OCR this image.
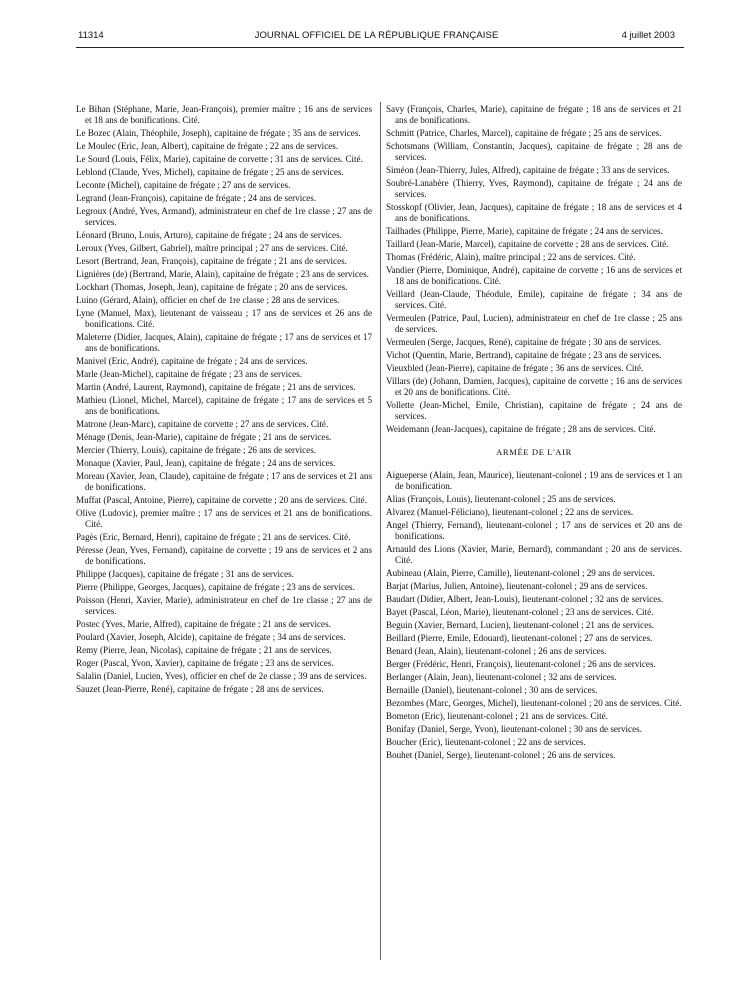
11314	JOURNAL OFFICIEL DE LA RÉPUBLIQUE FRANÇAISE	4 juillet 2003
Le Bihan (Stéphane, Marie, Jean-François), premier maître ; 16 ans de services et 18 ans de bonifications. Cité.
Le Bozec (Alain, Théophile, Joseph), capitaine de frégate ; 35 ans de services.
Le Moulec (Eric, Jean, Albert), capitaine de frégate ; 22 ans de services.
Le Sourd (Louis, Félix, Marie), capitaine de corvette ; 31 ans de services. Cité.
Leblond (Claude, Yves, Michel), capitaine de frégate ; 25 ans de services.
Leconte (Michel), capitaine de frégate ; 27 ans de services.
Legrand (Jean-François), capitaine de frégate ; 24 ans de services.
Legroux (André, Yves, Armand), administrateur en chef de 1re classe ; 27 ans de services.
Léonard (Bruno, Louis, Arturo), capitaine de frégate ; 24 ans de services.
Leroux (Yves, Gilbert, Gabriel), maître principal ; 27 ans de services. Cité.
Lesort (Bertrand, Jean, François), capitaine de frégate ; 21 ans de services.
Lignières (de) (Bertrand, Marie, Alain), capitaine de frégate ; 23 ans de services.
Lockhart (Thomas, Joseph, Jean), capitaine de frégate ; 20 ans de services.
Luino (Gérard, Alain), officier en chef de 1re classe ; 28 ans de services.
Lyne (Manuel, Max), lieutenant de vaisseau ; 17 ans de services et 26 ans de bonifications. Cité.
Maleterre (Didier, Jacques, Alain), capitaine de frégate ; 17 ans de services et 17 ans de bonifications.
Manivel (Eric, André), capitaine de frégate ; 24 ans de services.
Marle (Jean-Michel), capitaine de frégate ; 23 ans de services.
Martin (André, Laurent, Raymond), capitaine de frégate ; 21 ans de services.
Mathieu (Lionel, Michel, Marcel), capitaine de frégate ; 17 ans de services et 5 ans de bonifications.
Matrone (Jean-Marc), capitaine de corvette ; 27 ans de services. Cité.
Ménage (Denis, Jean-Marie), capitaine de frégate ; 21 ans de services.
Mercier (Thierry, Louis), capitaine de frégate ; 26 ans de services.
Monaque (Xavier, Paul, Jean), capitaine de frégate ; 24 ans de services.
Moreau (Xavier, Jean, Claude), capitaine de frégate ; 17 ans de services et 21 ans de bonifications.
Muffat (Pascal, Antoine, Pierre), capitaine de corvette ; 20 ans de services. Cité.
Olive (Ludovic), premier maître ; 17 ans de services et 21 ans de bonifications. Cité.
Pagès (Eric, Bernard, Henri), capitaine de frégate ; 21 ans de services. Cité.
Péresse (Jean, Yves, Fernand), capitaine de corvette ; 19 ans de services et 2 ans de bonifications.
Philippe (Jacques), capitaine de frégate ; 31 ans de services.
Pierre (Philippe, Georges, Jacques), capitaine de frégate ; 23 ans de services.
Poisson (Henri, Xavier, Marie), administrateur en chef de 1re classe ; 27 ans de services.
Postec (Yves, Marie, Alfred), capitaine de frégate ; 21 ans de services.
Poulard (Xavier, Joseph, Alcide), capitaine de frégate ; 34 ans de services.
Remy (Pierre, Jean, Nicolas), capitaine de frégate ; 21 ans de services.
Roger (Pascal, Yvon, Xavier), capitaine de frégate ; 23 ans de services.
Salalin (Daniel, Lucien, Yves), officier en chef de 2e classe ; 39 ans de services.
Sauzet (Jean-Pierre, René), capitaine de frégate ; 28 ans de services.
Savy (François, Charles, Marie), capitaine de frégate ; 18 ans de services et 21 ans de bonifications.
Schmitt (Patrice, Charles, Marcel), capitaine de frégate ; 25 ans de services.
Schotsmans (William, Constantin, Jacques), capitaine de frégate ; 28 ans de services.
Siméon (Jean-Thierry, Jules, Alfred), capitaine de frégate ; 33 ans de services.
Soubré-Lanabère (Thierry, Yves, Raymond), capitaine de frégate ; 24 ans de services.
Stosskopf (Olivier, Jean, Jacques), capitaine de frégate ; 18 ans de services et 4 ans de bonifications.
Tailhades (Philippe, Pierre, Marie), capitaine de frégate ; 24 ans de services.
Taillard (Jean-Marie, Marcel), capitaine de corvette ; 28 ans de services. Cité.
Thomas (Frédéric, Alain), maître principal ; 22 ans de services. Cité.
Vandier (Pierre, Dominique, André), capitaine de corvette ; 16 ans de services et 18 ans de bonifications. Cité.
Veillard (Jean-Claude, Théodule, Emile), capitaine de frégate ; 34 ans de services. Cité.
Vermeulen (Patrice, Paul, Lucien), administrateur en chef de 1re classe ; 25 ans de services.
Vermeulen (Serge, Jacques, René), capitaine de frégate ; 30 ans de services.
Vichot (Quentin, Marie, Bertrand), capitaine de frégate ; 23 ans de services.
Vieuxbled (Jean-Pierre), capitaine de frégate ; 36 ans de services. Cité.
Villars (de) (Johann, Damien, Jacques), capitaine de corvette ; 16 ans de services et 20 ans de bonifications. Cité.
Vollette (Jean-Michel, Emile, Christian), capitaine de frégate ; 24 ans de services.
Weidemann (Jean-Jacques), capitaine de frégate ; 28 ans de services. Cité.
ARMÉE DE L'AIR
Aigueperse (Alain, Jean, Maurice), lieutenant-colonel ; 19 ans de services et 1 an de bonification.
Alias (François, Louis), lieutenant-colonel ; 25 ans de services.
Alvarez (Manuel-Féliciano), lieutenant-colonel ; 22 ans de services.
Angel (Thierry, Fernand), lieutenant-colonel ; 17 ans de services et 20 ans de bonifications.
Arnauld des Lions (Xavier, Marie, Bernard), commandant ; 20 ans de services. Cité.
Aubineau (Alain, Pierre, Camille), lieutenant-colonel ; 29 ans de services.
Barjat (Marius, Julien, Antoine), lieutenant-colonel ; 29 ans de services.
Baudart (Didier, Albert, Jean-Louis), lieutenant-colonel ; 32 ans de services.
Bayet (Pascal, Léon, Marie), lieutenant-colonel ; 23 ans de services. Cité.
Beguin (Xavier, Bernard, Lucien), lieutenant-colonel ; 21 ans de services.
Beillard (Pierre, Emile, Edouard), lieutenant-colonel ; 27 ans de services.
Benard (Jean, Alain), lieutenant-colonel ; 26 ans de services.
Berger (Frédéric, Henri, François), lieutenant-colonel ; 26 ans de services.
Berlanger (Alain, Jean), lieutenant-colonel ; 32 ans de services.
Bernaille (Daniel), lieutenant-colonel ; 30 ans de services.
Bezombes (Marc, Georges, Michel), lieutenant-colonel ; 20 ans de services. Cité.
Bometon (Eric), lieutenant-colonel ; 21 ans de services. Cité.
Bonifay (Daniel, Serge, Yvon), lieutenant-colonel ; 30 ans de services.
Boucher (Eric), lieutenant-colonel ; 22 ans de services.
Bouhet (Daniel, Serge), lieutenant-colonel ; 26 ans de services.
